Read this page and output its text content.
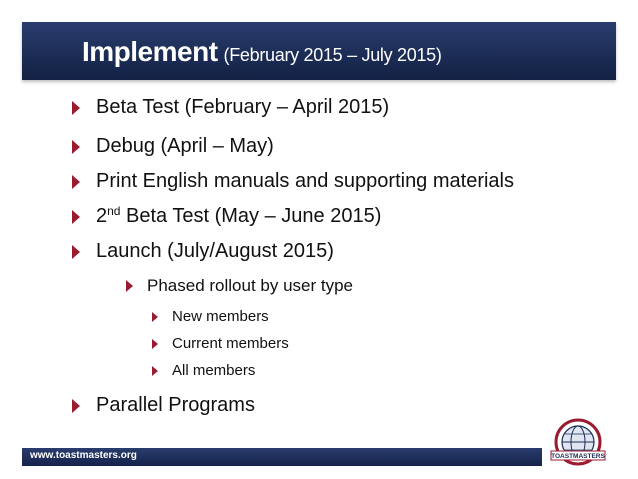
Implement (February 2015 – July 2015)
Beta Test (February – April 2015)
Debug (April – May)
Print English manuals and supporting materials
2nd Beta Test (May – June 2015)
Launch (July/August 2015)
Phased rollout by user type
New members
Current members
All members
Parallel Programs
www.toastmasters.org	TOASTMASTERS
